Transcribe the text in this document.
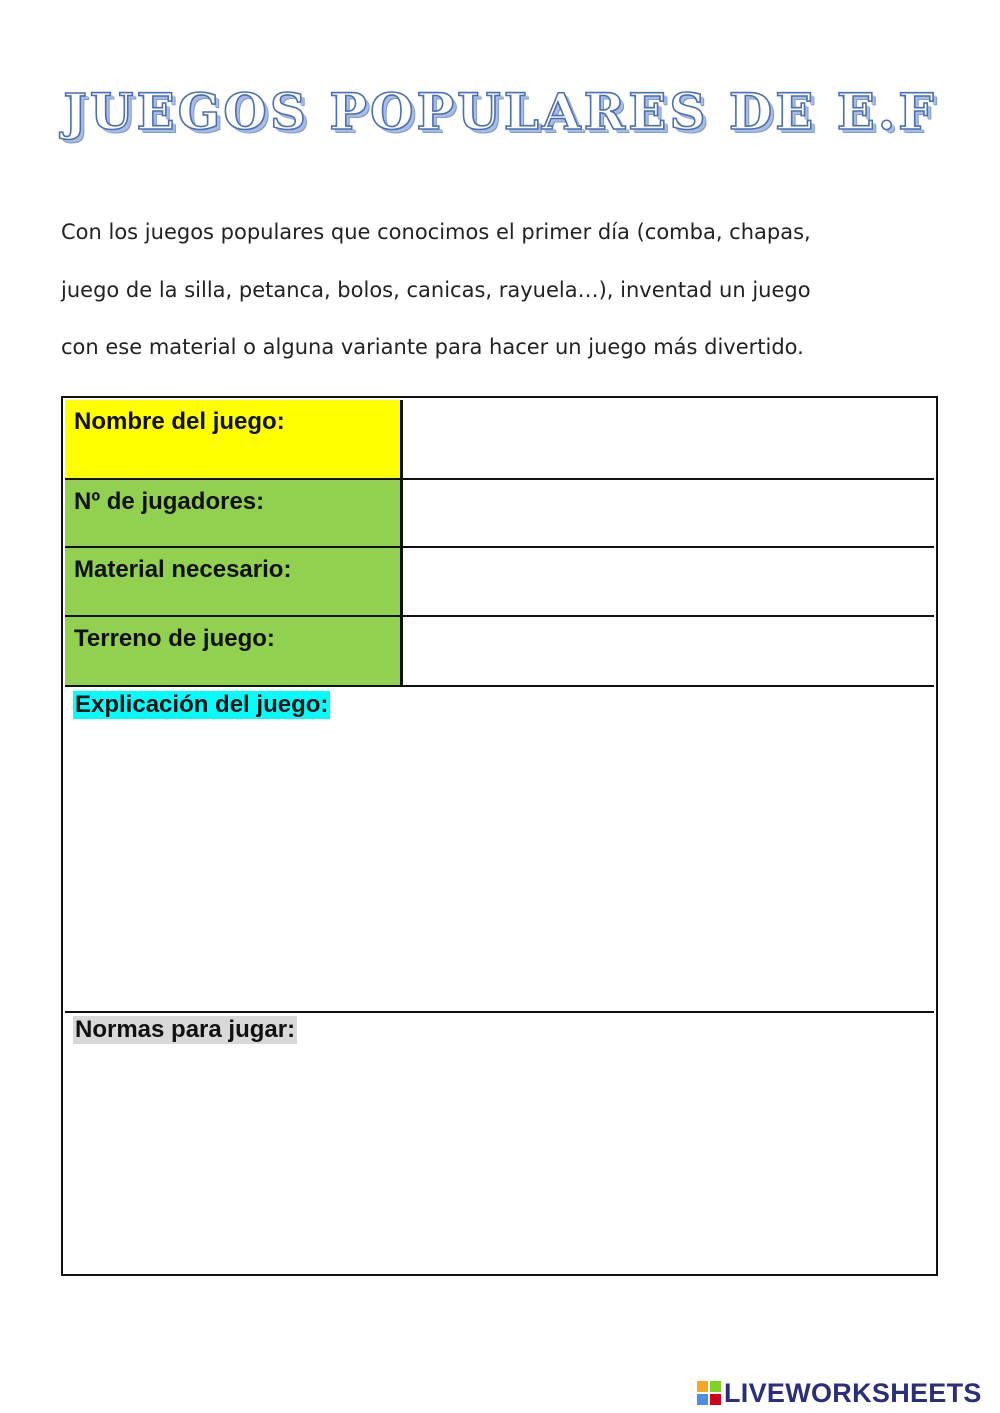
JUEGOS POPULARES DE E.F

Con los juegos populares que conocimos el primer día (comba, chapas,

juego de la silla, petanca, bolos, canicas, rayuela…), inventad un juego

con ese material o alguna variante para hacer un juego más divertido.

Nombre del juego:
Nº de jugadores:
Material necesario:
Terreno de juego:
Explicación del juego:
Normas para jugar:
LIVEWORKSHEETS
